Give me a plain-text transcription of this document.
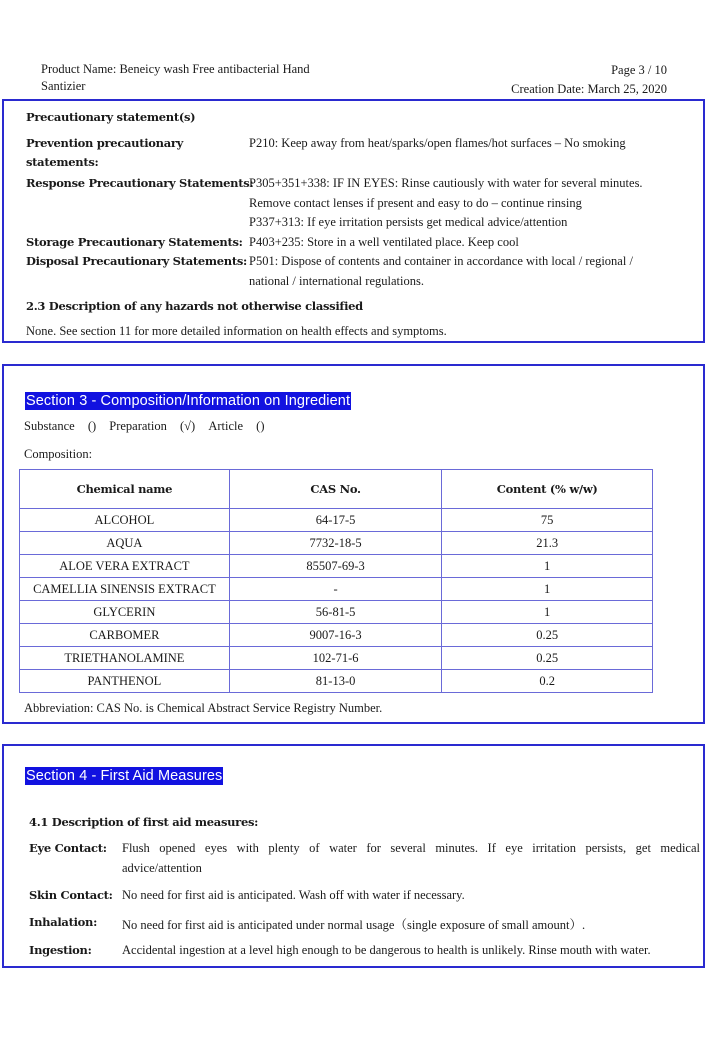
Product Name: Beneicy wash Free antibacterial Hand
Santizier
Page 3 / 10
Creation Date: March 25, 2020
Precautionary statement(s)
Prevention precautionary
statements:
P210: Keep away from heat/sparks/open flames/hot surfaces – No smoking
Response Precautionary Statements:
P305+351+338: IF IN EYES: Rinse cautiously with water for several minutes.
Remove contact lenses if present and easy to do – continue rinsing
P337+313: If eye irritation persists get medical advice/attention
Storage Precautionary Statements: P403+235: Store in a well ventilated place. Keep cool
Disposal Precautionary Statements: P501: Dispose of contents and container in accordance with local / regional /
national / international regulations.
2.3 Description of any hazards not otherwise classified
None. See section 11 for more detailed information on health effects and symptoms.
Section 3 - Composition/Information on Ingredient
Substance () Preparation (√) Article ()
Composition:
Chemical name	CAS No.	Content (% w/w)
ALCOHOL	64-17-5	75
AQUA	7732-18-5	21.3
ALOE VERA EXTRACT	85507-69-3	1
CAMELLIA SINENSIS EXTRACT	-	1
GLYCERIN	56-81-5	1
CARBOMER	9007-16-3	0.25
TRIETHANOLAMINE	102-71-6	0.25
PANTHENOL	81-13-0	0.2
Abbreviation: CAS No. is Chemical Abstract Service Registry Number.
Section 4 - First Aid Measures
4.1 Description of first aid measures:
Eye Contact: Flush opened eyes with plenty of water for several minutes. If eye irritation persists, get medical
advice/attention
Skin Contact: No need for first aid is anticipated. Wash off with water if necessary.
Inhalation: No need for first aid is anticipated under normal usage（single exposure of small amount）.
Ingestion: Accidental ingestion at a level high enough to be dangerous to health is unlikely. Rinse mouth with water.
